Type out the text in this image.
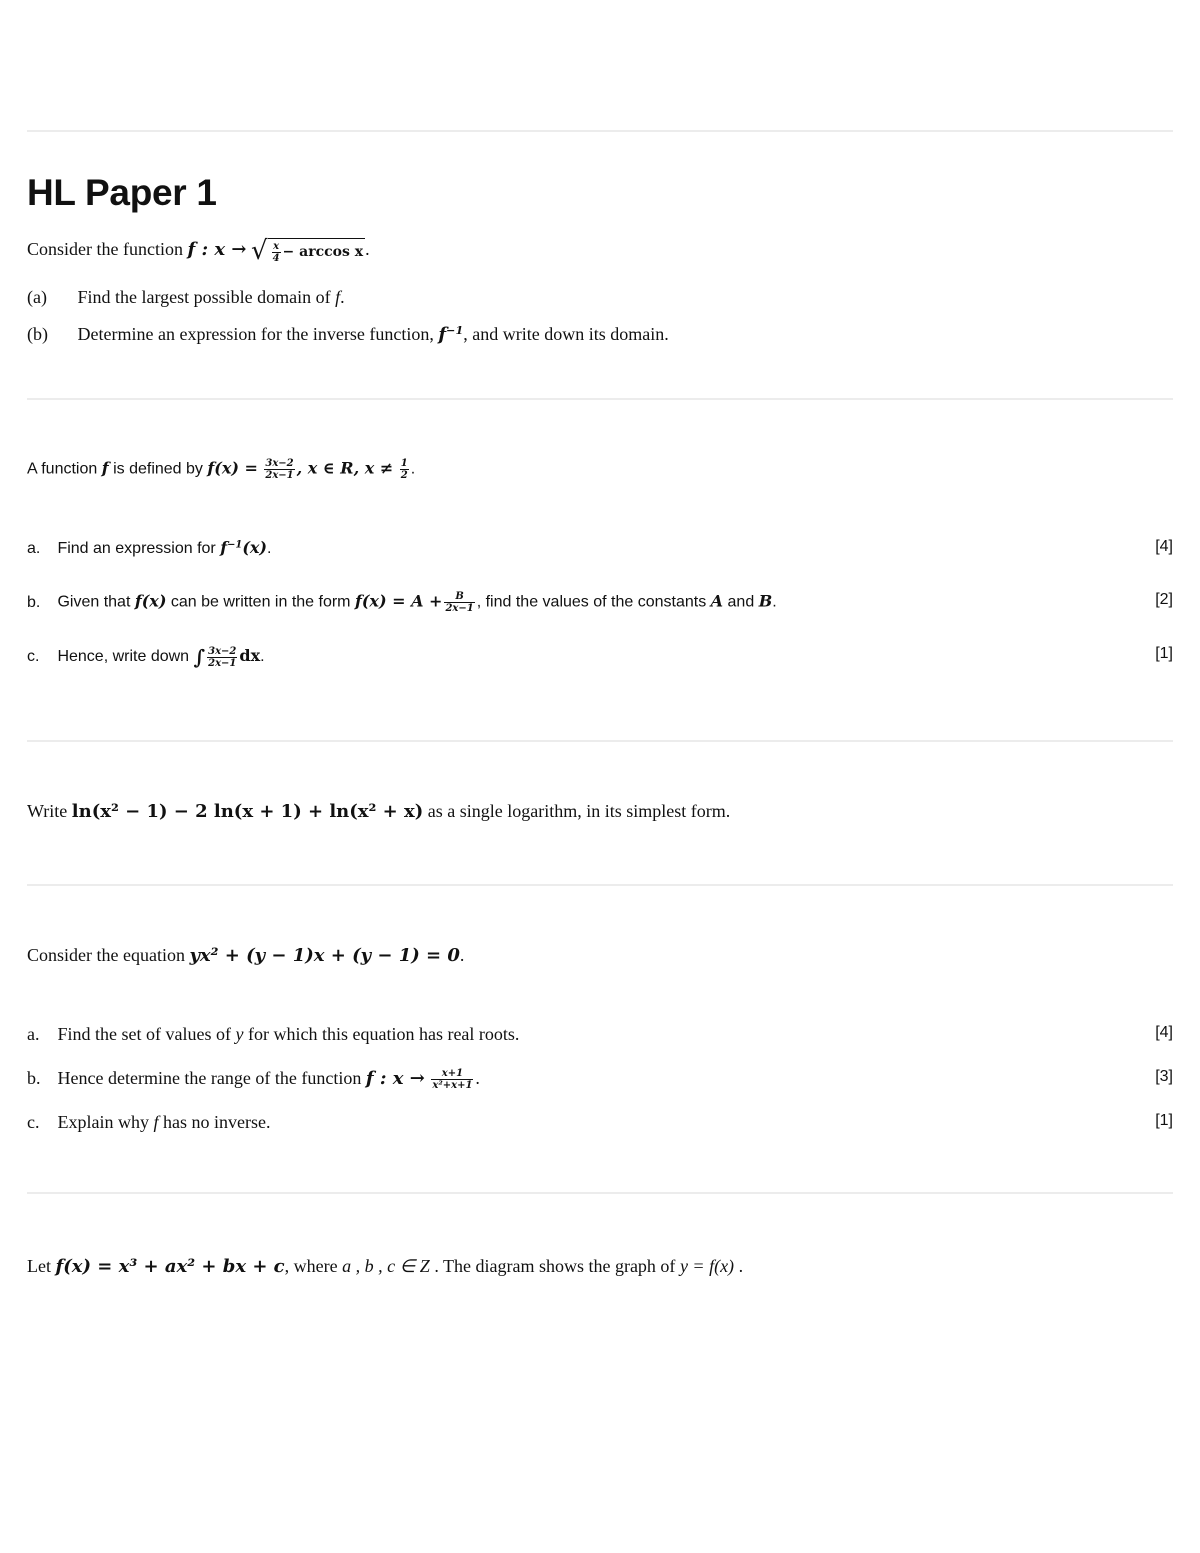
HL Paper 1
Consider the function f : x → √ $\frac{x}{4} - \arccos x$ .
(a) Find the largest possible domain of f.
(b) Determine an expression for the inverse function, $f^{-1}$, and write down its domain.
A function f is defined by $f(x) = \frac{3x-2}{2x-1}$ , x ∈ R, $x \ne \frac{1}{2}$ .
a. Find an expression for $f^{-1}(x)$.	[4]
b. Given that f(x) can be written in the form $f(x) = A + \frac{B}{2x-1}$ , find the values of the constants A and B.	[2]
c. Hence, write down ∫ $\frac{3x-2}{2x-1}$ dx.	[1]
Write ln(x² − 1) − 2 ln(x + 1) + ln(x² + x) as a single logarithm, in its simplest form.
Consider the equation yx² + (y − 1)x + (y − 1) = 0.
a. Find the set of values of y for which this equation has real roots.	[4]
b. Hence determine the range of the function f : $x \to \frac{x+1}{\text{x²+x+1}}$ .	[3]
c. Explain why f has no inverse.	[1]
Let f(x) = x³ + ax² + bx + c, where a , b , c ∈ Z . The diagram shows the graph of y = f(x) .
